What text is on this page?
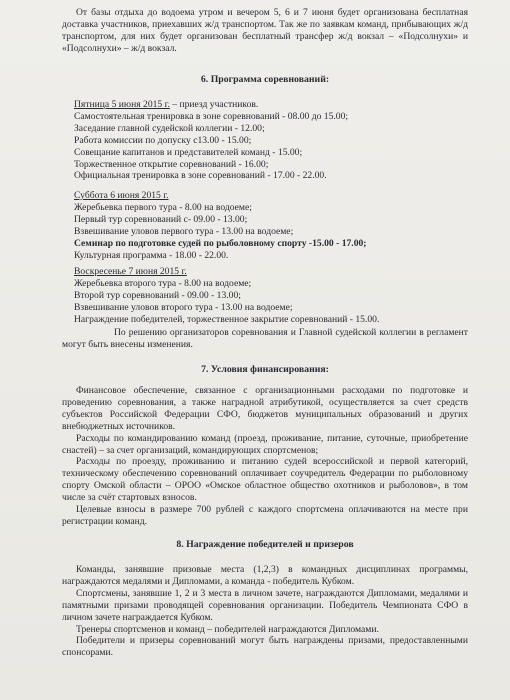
От базы отдыха до водоема утром и вечером 5, 6 и 7 июня будет организована бесплатная доставка участников, приехавших ж/д транспортом. Так же по заявкам команд, прибывающих ж/д транспортом, для них будет организован бесплатный трансфер ж/д вокзал – «Подсолнухи» и «Подсолнухи» – ж/д вокзал.

6. Программа соревнований:

Пятница 5 июня 2015 г. – приезд участников.

Самостоятельная тренировка в зоне соревнований - 08.00 до 15.00;

Заседание главной судейской коллегии - 12.00;

Работа комиссии по допуску с13.00 - 15.00;

Совещание капитанов и представителей команд - 15.00;

Торжественное открытие соревнований - 16.00;

Официальная тренировка в зоне соревнований - 17.00 - 22.00.

Суббота 6 июня 2015 г.

Жеребьевка первого тура - 8.00 на водоеме;

Первый тур соревнований с- 09.00 - 13.00;

Взвешивание уловов первого тура - 13.00 на водоеме;

Семинар по подготовке судей по рыболовному спорту -15.00 - 17.00;

Культурная программа - 18.00 - 22.00.

Воскресенье 7 июня 2015 г.

Жеребьевка второго тура - 8.00 на водоеме;

Второй тур соревнований - 09.00 - 13.00;

Взвешивание уловов второго тура - 13.00 на водоеме;

Награждение победителей, торжественное закрытие соревнований - 15.00.

По решению организаторов соревнования и Главной судейской коллегии в регламент могут быть внесены изменения.

7. Условия финансирования:

Финансовое обеспечение, связанное с организационными расходами по подготовке и проведению соревнования, а также наградной атрибутикой, осуществляется за счет средств субъектов Российской Федерации СФО, бюджетов муниципальных образований и других внебюджетных источников.

Расходы по командированию команд (проезд, проживание, питание, суточные, приобретение снастей) – за счет организаций, командирующих спортсменов;

Расходы по проезду, проживанию и питанию судей всероссийской и первой категорий, техническому обеспечению соревнований оплачивает соучредитель Федерации по рыболовному спорту Омской области – ОРОО «Омское областное общество охотников и рыболовов», в том числе за счёт стартовых взносов.

Целевые взносы в размере 700 рублей с каждого спортсмена оплачиваются на месте при регистрации команд.

8. Награждение победителей и призеров

Команды, занявшие призовые места (1,2,3) в командных дисциплинах программы, награждаются медалями и Дипломами, а команда - победитель Кубком.

Спортсмены, занявшие 1, 2 и 3 места в личном зачете, награждаются Дипломами, медалями и памятными призами проводящей соревнования организации. Победитель Чемпионата СФО в личном зачете награждается Кубком.

Тренеры спортсменов и команд – победителей награждаются Дипломами.

Победители и призеры соревнований могут быть награждены призами, предоставленными спонсорами.
